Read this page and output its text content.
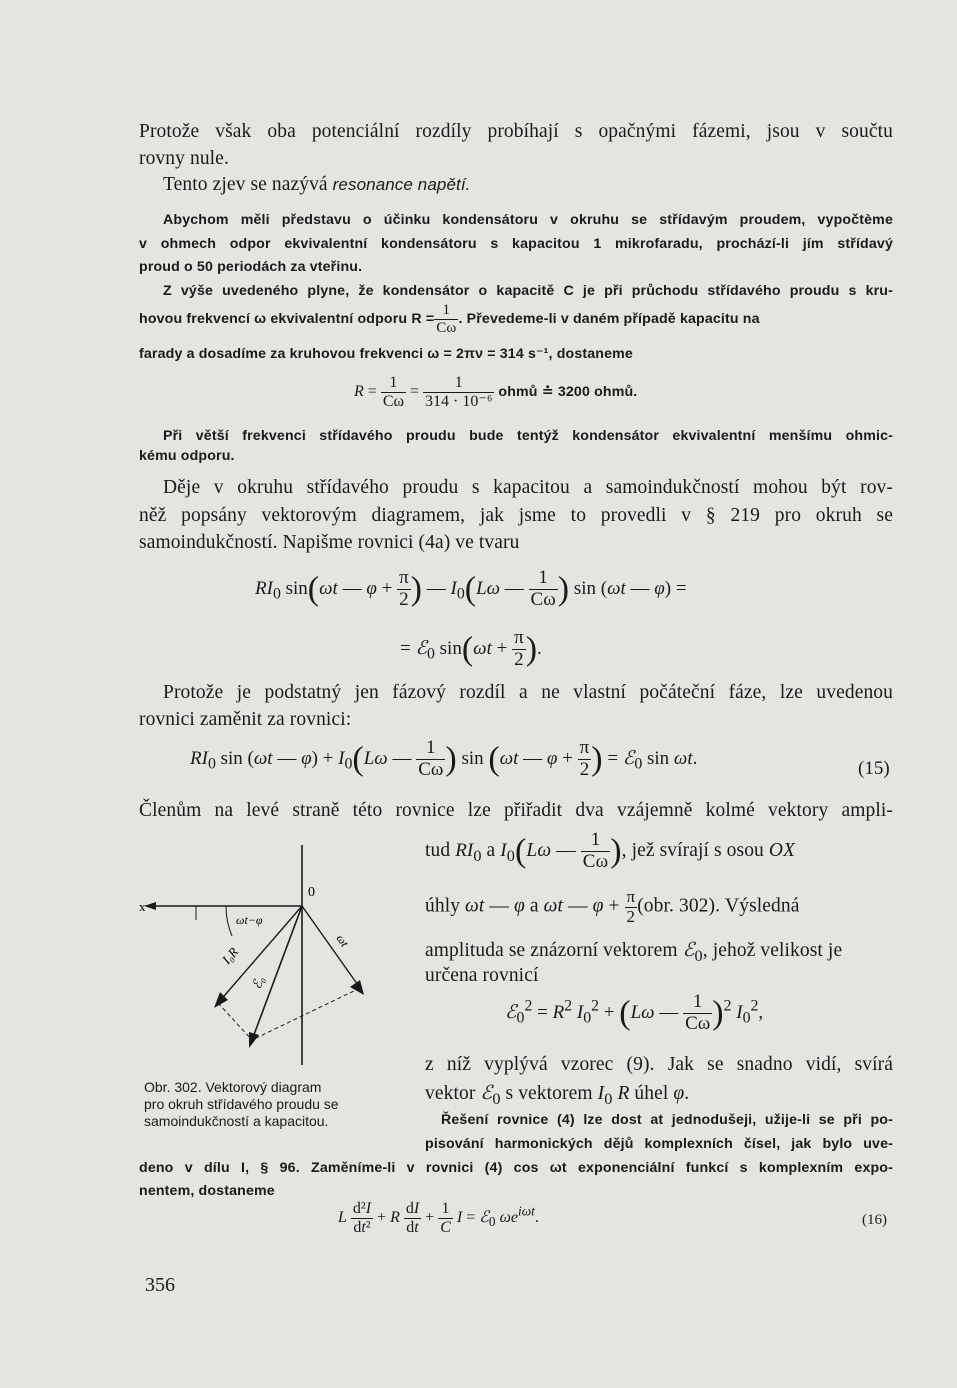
Protože však oba potenciální rozdíly probíhají s opačnými fázemi, jsou v součtu
rovny nule.
Tento zjev se nazývá resonance napětí.
Abychom měli představu o účinku kondensátoru v okruhu se střídavým proudem, vypočtème
v ohmech odpor ekvivalentní kondensátoru s kapacitou 1 mikrofaradu, prochází-li jím střídavý
proud o 50 periodách za vteřinu.
Z výše uvedeného plyne, že kondensátor o kapacitě C je při průchodu střídavého proudu s kru-
hovou frekvencí ω ekvivalentní odporu $R = \frac{1}{C\omega}$ . Převedeme-li v daném případě kapacitu na
farady a dosadíme za kruhovou frekvenci ω = 2πν = 314 s⁻¹, dostaneme
$R = \frac{1}{C\omega} = \frac{1}{\text{314 · 10⁻⁶}}$ ohmů ≐ 3200 ohmů.
Při větší frekvenci střídavého proudu bude tentýž kondensátor ekvivalentní menšímu ohmic-
kému odporu.
Děje v okruhu střídavého proudu s kapacitou a samoindukčností mohou být rov-
něž popsány vektorovým diagramem, jak jsme to provedli v § 219 pro okruh se
samoindukčností. Napišme rovnici (4a) ve tvaru
$RI_0$ sin(ωt — $\varphi + \frac{\pi}{2}$ ) — $I_0(L\omega$ — $\frac{1}{C\omega}$ ) sin (ωt — φ) =
= ℰ$_0$ $\sin(\omega t + \frac{\pi}{2}$ ).
Protože je podstatný jen fázový rozdíl a ne vlastní počáteční fáze, lze uvedenou
rovnici zaměnit za rovnici:
$RI_0$ sin (ωt — $\varphi) + I_0(L\omega$ — $\frac{1}{C\omega}$ ) sin (ωt — $\varphi + \frac{\pi}{2}$ ) = ℰ$_0$ sin ωt.	(15)
Členům na levé straně této rovnice lze přiřadit dva vzájemně kolmé vektory ampli-
tud $RI_0$ a $I_0(L\omega$ — $\frac{1}{C\omega}$ ), jež svírají s osou OX
úhly ωt — φ a ωt — $\varphi + \frac{\pi}{2} (obr$. 302). Výsledná
amplituda se znázorní vektorem ℰ$_0$, jehož velikost je
určena rovnicí
ℰ$_0^2$ = $R^2$ $I_0^2 + (L\omega$ — $\frac{1}{C\omega} )^2$ $I_0^2$,
z níž vyplývá vzorec (9). Jak se snadno vidí, svírá
vektor ℰ$_0$ s vektorem $I_0$ R úhel φ.
Řešení rovnice (4) lze dost at jednodušeji, užije-li se při po-
pisování harmonických dějů komplexních čísel, jak bylo uve-
deno v dílu I, § 96. Zaměníme-li v rovnici (4) cos ωt exponenciální funkcí s komplexním expo-
nentem, dostaneme
L $\frac{\text{d²I}}{\text{dt²}} + R \frac{dI}{dt} + \frac{1}{C}$ I = ℰ$_0$ $\omega e^{i\omega t}$.	(16)
x
0
ωt−φ
I₀R
ℰ₀
ωt
Obr. 302. Vektorový diagram
pro okruh střídavého proudu se
samoindukčností a kapacitou.
356
